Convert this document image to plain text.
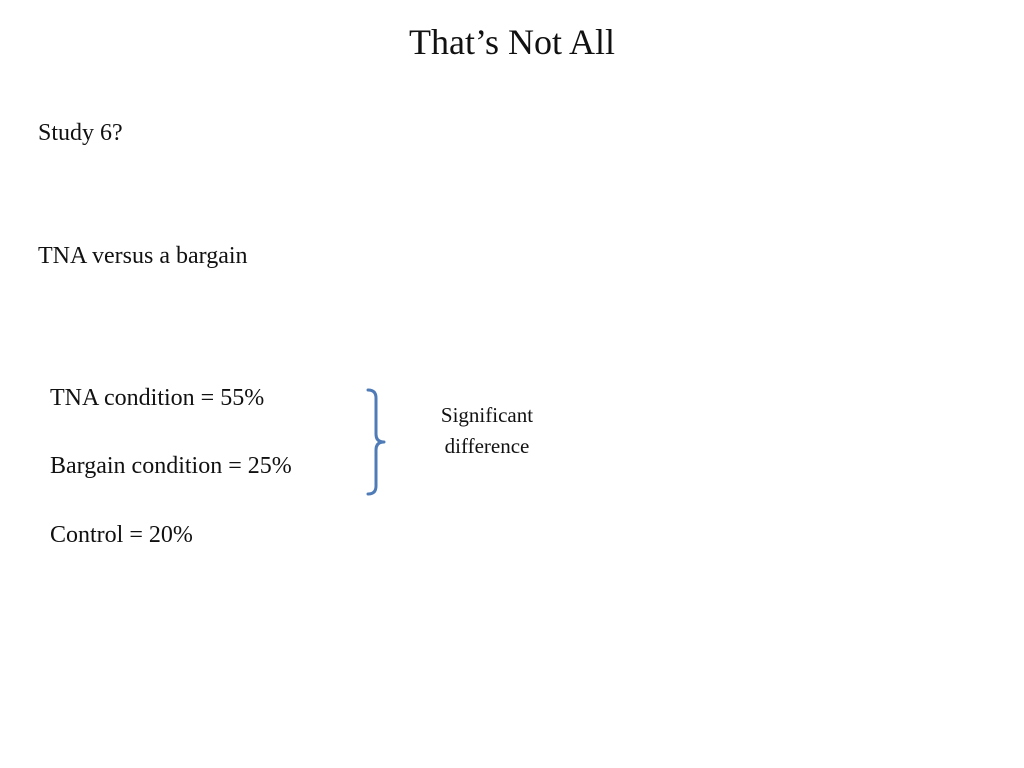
That’s Not All

Study 6?

TNA versus a bargain

TNA condition = 55%

Bargain condition = 25%

Control = 20%

Significant
difference
